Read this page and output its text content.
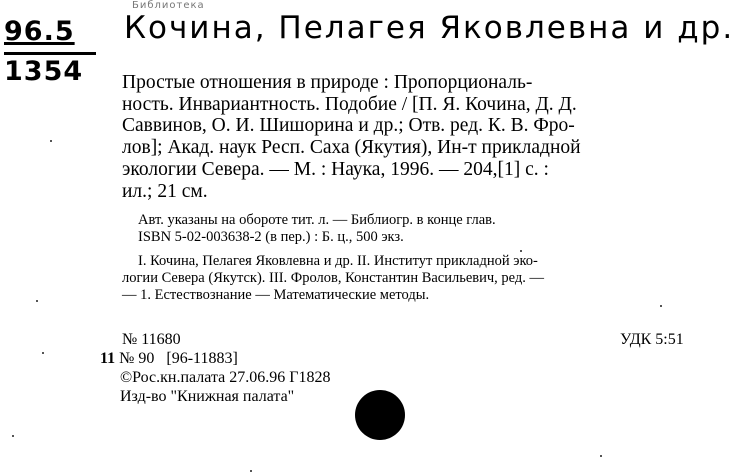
96.5
1354
Библиотека
Кочина, Пелагея Яковлевна и др.
Простые отношения в природе : Пропорциональ-
ность. Инвариантность. Подобие / [П. Я. Кочина, Д. Д.
Саввинов, О. И. Шишорина и др.; Отв. ред. К. В. Фро-
лов]; Акад. наук Респ. Саха (Якутия), Ин-т прикладной
экологии Севера. — М. : Наука, 1996. — 204,[1] с. :
ил.; 21 см.
Авт. указаны на обороте тит. л. — Библиогр. в конце глав.
ISBN 5-02-003638-2 (в пер.) : Б. ц., 500 экз.
I. Кочина, Пелагея Яковлевна и др. II. Институт прикладной эко-
логии Севера (Якутск). III. Фролов, Константин Васильевич, ред. —
— 1. Естествознание — Математические методы.
№ 11680	УДК 5:51
11 № 90 [96-11883]
©Рос.кн.палата 27.06.96 Г1828
Изд-во "Книжная палата"
